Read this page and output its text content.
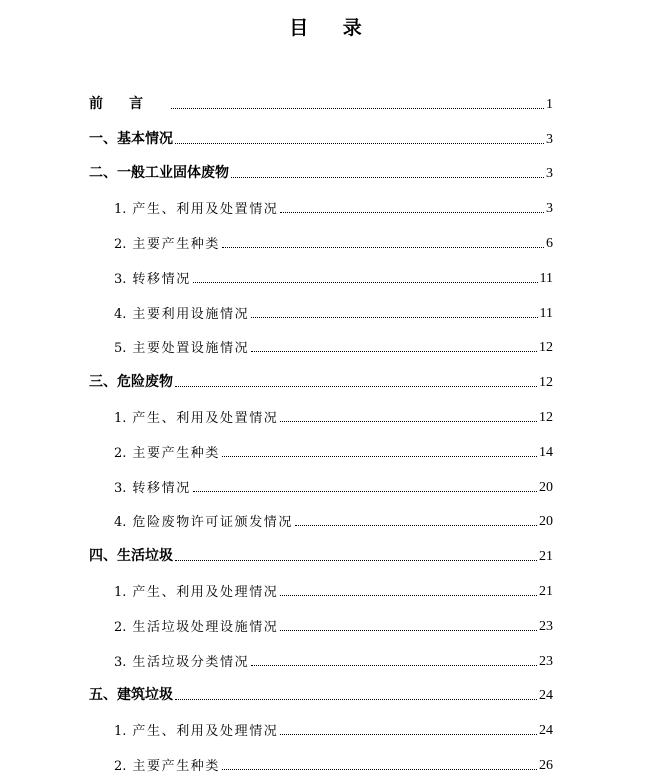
目 录
前言	1
一、基本情况	3
二、一般工业固体废物	3
1. 产生、利用及处置情况	3
2. 主要产生种类	6
3. 转移情况	11
4. 主要利用设施情况	11
5. 主要处置设施情况	12
三、危险废物	12
1. 产生、利用及处置情况	12
2. 主要产生种类	14
3. 转移情况	20
4. 危险废物许可证颁发情况	20
四、生活垃圾	21
1. 产生、利用及处理情况	21
2. 生活垃圾处理设施情况	23
3. 生活垃圾分类情况	23
五、建筑垃圾	24
1. 产生、利用及处理情况	24
2. 主要产生种类	26
